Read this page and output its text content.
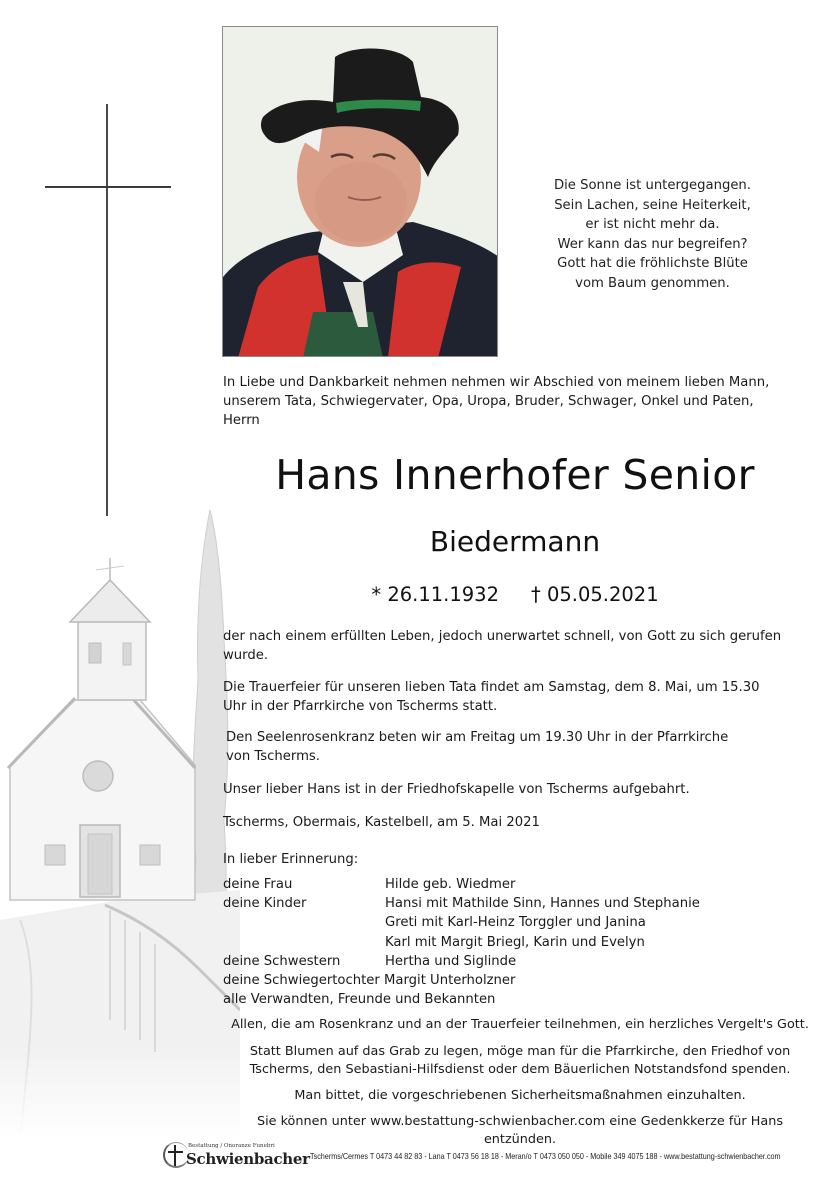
Die Sonne ist untergegangen.
Sein Lachen, seine Heiterkeit,
er ist nicht mehr da.
Wer kann das nur begreifen?
Gott hat die fröhlichste Blüte
vom Baum genommen.
In Liebe und Dankbarkeit nehmen nehmen wir Abschied von meinem lieben Mann,
unserem Tata, Schwiegervater, Opa, Uropa, Bruder, Schwager, Onkel und Paten,
Herrn
Hans Innerhofer Senior
Biedermann
* 26.11.1932 † 05.05.2021
der nach einem erfüllten Leben, jedoch unerwartet schnell, von Gott zu sich gerufen
wurde.
Die Trauerfeier für unseren lieben Tata findet am Samstag, dem 8. Mai, um 15.30
Uhr in der Pfarrkirche von Tscherms statt.
Den Seelenrosenkranz beten wir am Freitag um 19.30 Uhr in der Pfarrkirche
von Tscherms.
Unser lieber Hans ist in der Friedhofskapelle von Tscherms aufgebahrt.
Tscherms, Obermais, Kastelbell, am 5. Mai 2021
In lieber Erinnerung:
deine Frau	Hilde geb. Wiedmer
deine Kinder	Hansi mit Mathilde Sinn, Hannes und Stephanie
Greti mit Karl-Heinz Torggler und Janina
Karl mit Margit Briegl, Karin und Evelyn
deine Schwestern	Hertha und Siglinde
deine Schwiegertochter Margit Unterholzner
alle Verwandten, Freunde und Bekannten
Allen, die am Rosenkranz und an der Trauerfeier teilnehmen, ein herzliches Vergelt's Gott.
Statt Blumen auf das Grab zu legen, möge man für die Pfarrkirche, den Friedhof von
Tscherms, den Sebastiani-Hilfsdienst oder dem Bäuerlichen Notstandsfond spenden.
Man bittet, die vorgeschriebenen Sicherheitsmaßnahmen einzuhalten.
Sie können unter www.bestattung-schwienbacher.com eine Gedenkkerze für Hans entzünden.
Bestattung / Onoranze Funebri
Schwienbacher Tscherms/Cermes T 0473 44 82 83 - Lana T 0473 56 18 18 - Meran/o T 0473 050 050 - Mobile 349 4075 188 - www.bestattung-schwienbacher.com
